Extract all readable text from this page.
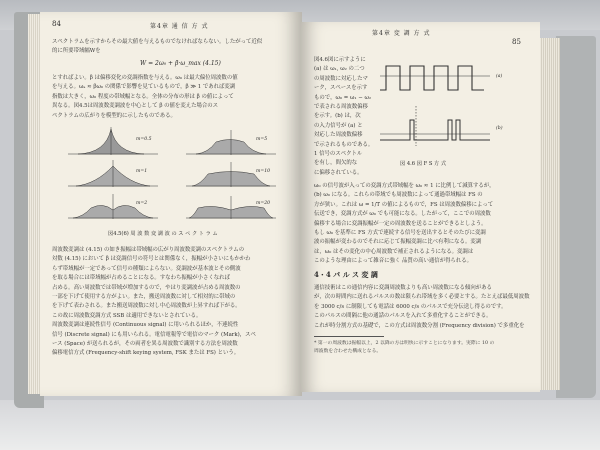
84	第4章 通 信 方 式

スペクトラムを示すからその最大値を与えるものでなければならない。したがって近似

的に所要帯域幅Wを

W = 2ω₀ + β·ω_max (4.15)

とすればよい。β は偏移変化の変調指数を与える。ω₀ は最大偏位周波数の値

を与える。ωₐ ≈ βω₀ の関係で影響を見ているもので，β ≫ 1 であれば変調

指数は大きく，ω₀ 程度の帯域幅となる。全体の分布の形は β の値によって

異なる。図4.5は周波数変調波を中心として β の値を変えた場合のス

ペクトラムの広がりを模型的に示したものである。

m=0.5
m=1
m=2
m=5
m=10
m=20
図4.5(6) 周 波 数 変 調 波 の ス ペ ク ト ラ ム

周波数変調は (4.15) の如き振幅は帯域幅の広がり周波数変調のスペクトラムの

対数 (4.15) において β は変調信号の符号とは関係なく，振幅が小さいにもかかわ

らず帯域幅が一定であって信号の種類によらない。変調波が基本波とその側波

を取る場合には帯域幅が占めることになる。すなわち振幅が小さくなれば

占める。高い周波数では帯域が増加するので，やはり変調波が占める周波数の

一部を下げて使用する方がよい。また，搬送周波数に対して相対的に帯域の

を下げて表わされる。また搬送周波数に対し中心周波数が上昇すれば下がる。

この故に周波数変調方式 SSB は適用できないとされている。

周波数変調は連続性信号 (Continuous signal) に用いられるほか，不連続性

信号 (Discrete signal) にも用いられる。電信電報等で電信のマーク (Mark)，スペ

ース (Space) が送られるが，その両者を異る周波数で識別する方法を周波数

偏移電信方式 (Frequency-shift keying system, FSK または FS) という。

第4章 変 調 方 式
85

図4.6図に示すように

(a) は ω₁, ω₂ の二つ

の周波数に対応したマ

ーク，スペースを示す

もので，ω₀ = ω₁ − ω₂

で表される周波数偏移

を示す。(b) は，次

の入力信号が (a) と

対応した周波数偏移

で示されるものである。

1 信号のスペクトル

を有し，間欠的な

に偏移されている。

(a)
(b)
図 4.6 図 F S 方 式

ω₀ の信号波が入っての変調方式帯域幅を ω₀ ≈ 1 に比例して減算するが，

(b) ω₀ になる。これらの帯域でも周波数によって通過帯域幅は FS の

方が狭い。これは ω = 1/T の値によるもので，FS は周波数偏移によって

伝送でき，変調方式が ω₀ でも可能になる。したがって，ここでの周波数

偏移する場合に変調振幅が一定の周波数を送ることができるとしよう。

もし ω₀ を基準に FS 方式で連続する信号を送出するとそのたびに変調

波の振幅が変わるのでそれに応じて振幅変調に比べ有利になる。変調

は，ω₀ はその変化の中心周波数で補正されるようになる。変調は

このような理由によって雑音に強く 品質の高い通信が得られる。

4・4 パ ル ス 変 調

通信技術はこの通信内容に変調周波数よりも高い周波数になる傾向がある

が，次の時間内に送れるパルスの数は限られ帯域を多く必要とする。たとえば最低周波数

を 3000 c/s に制限しても電話は 6000 c/s のパルスで充分伝送し得るのです。

このパルスの間隔に他の通話のパルスを入れて多重化することができる。

これが時分割方式の基礎で，この方式は周波数分割 (Frequency division) で多重化を

* 第一の周波数は振幅以上，2 以降の方は明快に示すことになります。実際に 10 の
周波数を合わせた構成となる。
